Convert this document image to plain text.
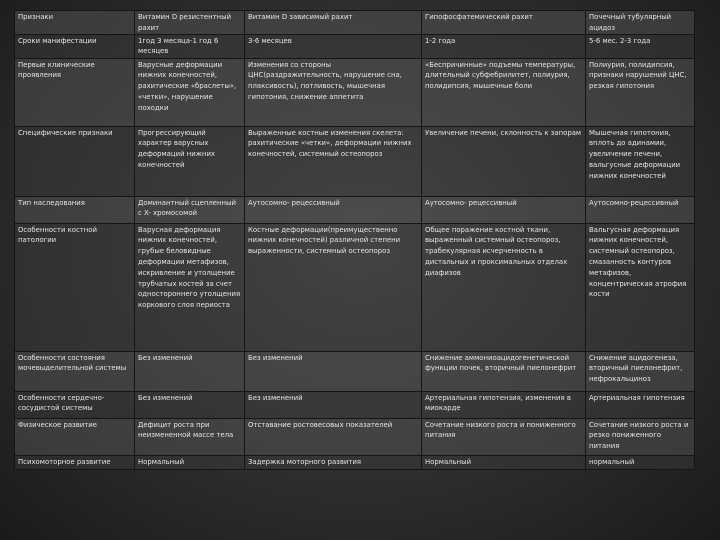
Признаки	Витамин D резистентный рахит	Витамин D зависимый рахит	Гипофосфатемический рахит	Почечный тубулярный ацидоз
Сроки манифестации	1год 3 месяца-1 год 6 месяцев	3-6 месяцев	1-2 года	5-6 мес. 2-3 года
Первые клинические проявления	Варусные деформации нижних конечностей, рахитические «браслеты», «четки», нарушение походки	Изменения со стороны ЦНС(раздражительность, нарушение сна, плаксивость), потливость, мышечная гипотония, снижение аппетита	«Беспричинные» подъемы температуры, длительный субфебрилитет, полиурия, полидипсия, мышечные боли	Полиурия, полидипсия, признаки нарушений ЦНС, резкая гипотония
Специфические признаки	Прогрессирующий характер варусных деформаций нижних конечностей	Выраженные костные изменения скелета: рахитические «четки», деформации нижних конечностей, системный остеопороз	Увеличение печени, склонность к запорам	Мышечная гипотония, вплоть до адинамии, увеличение печени, вальгусные деформации нижних конечностей
Тип наследования	Доминантный сцепленный с X- хромосомой	Аутосомно- рецессивный	Аутосомно- рецессивный	Аутосомно-рецессивный
Особенности костной патологии	Варусная деформация нижних конечностей, грубые беловидные деформации метафизов, искривление и утолщение трубчатых костей за счет одностороннего утолщения коркового слоя периоста	Костные деформации(преимущественно нижних конечностей) различной степени выраженности, системный остеопороз	Общее поражение костной ткани, выраженный системный остеопороз, трабекулярная исчерченность в дистальных и проксимальных отделах диафизов	Вальгусная деформация нижних конечностей, системный остеопороз, смазанность контуров метафизов, концентрическая атрофия кости
Особенности состояния мочевыделительной системы	Без изменений	Без изменений	Снижение аммониоацидогенетической функции почек, вторичный пиелонефрит	Снижение ацидогенеза, вторичный пиелонефрит, нефрокальциноз
Особенности сердечно- сосудистой системы	Без изменений	Без изменений	Артериальная гипотензия, изменения в миокарде	Артериальная гипотензия
Физическое развитие	Дефицит роста при неизмененной массе тела	Отставание ростовесовых показателей	Сочетание низкого роста и пониженного питания	Сочетание низкого роста и резко пониженного питания
Психомоторное развитие	Нормальный	Задержка моторного развития	Нормальный	нормальный
